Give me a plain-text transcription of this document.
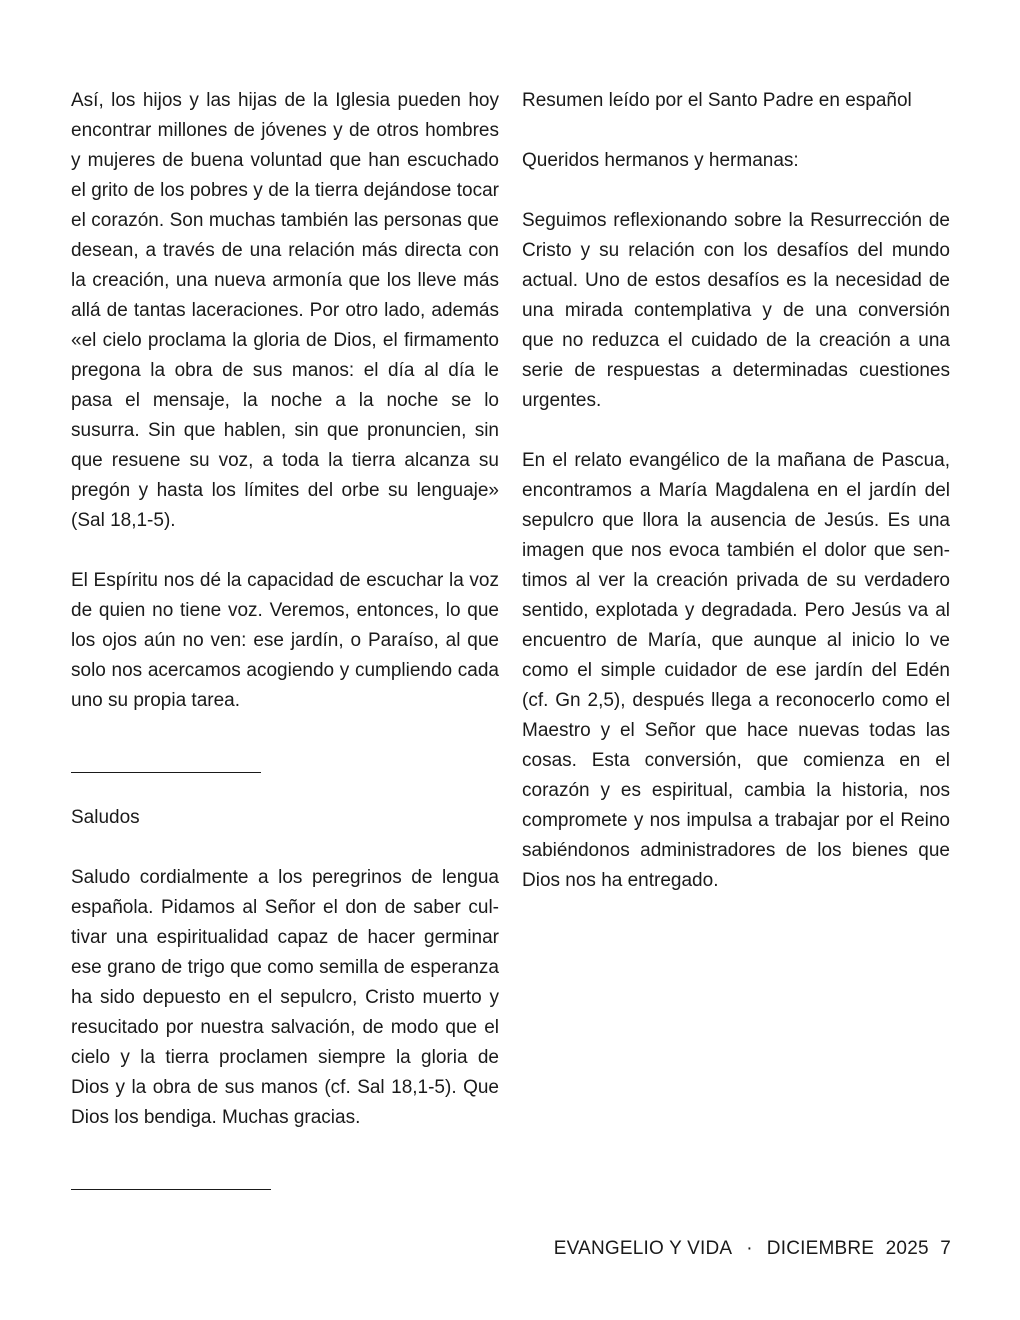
Así, los hijos y las hijas de la Iglesia pueden hoy encontrar millones de jóvenes y de otros hombres y mujeres de buena voluntad que han escuchado el grito de los pobres y de la tierra dejándose tocar el corazón. Son muchas también las personas que desean, a través de una relación más directa con la creación, una nueva armonía que los lleve más allá de tantas laceraciones. Por otro lado, además «el cielo proclama la gloria de Dios, el firmamento pregona la obra de sus manos: el día al día le pasa el mensaje, la noche a la noche se lo susurra. Sin que hablen, sin que pronuncien, sin que resuene su voz, a toda la tierra alcanza su pregón y hasta los límites del orbe su lenguaje» (Sal 18,1-5).

El Espíritu nos dé la capacidad de escuchar la voz de quien no tiene voz. Veremos, entonces, lo que los ojos aún no ven: ese jardín, o Paraíso, al que solo nos acercamos acogiendo y cumpliendo cada uno su propia tarea.

Saludos

Saludo cordialmente a los peregrinos de lengua española. Pidamos al Señor el don de saber cultivar una espiritualidad capaz de hacer germinar ese grano de trigo que como semilla de esperanza ha sido depuesto en el sepulcro, Cristo muerto y resucitado por nuestra salvación, de modo que el cielo y la tierra proclamen siempre la gloria de Dios y la obra de sus manos (cf. Sal 18,1-5). Que Dios los bendiga. Muchas gracias.

Resumen leído por el Santo Padre en español

Queridos hermanos y hermanas:

Seguimos reflexionando sobre la Resurrección de Cristo y su relación con los desafíos del mundo actual. Uno de estos desafíos es la necesidad de una mirada contemplativa y de una conversión que no reduzca el cuidado de la creación a una serie de respuestas a determinadas cuestiones urgentes.

En el relato evangélico de la mañana de Pascua, encontramos a María Magdalena en el jardín del sepulcro que llora la ausencia de Jesús. Es una imagen que nos evoca también el dolor que sentimos al ver la creación privada de su verdadero sentido, explotada y degradada. Pero Jesús va al encuentro de María, que aunque al inicio lo ve como el simple cuidador de ese jardín del Edén (cf. Gn 2,5), después llega a reconocerlo como el Maestro y el Señor que hace nuevas todas las cosas. Esta conversión, que comienza en el corazón y es espiritual, cambia la historia, nos compromete y nos impulsa a trabajar por el Reino sabiéndonos administradores de los bienes que Dios nos ha entregado.

EVANGELIO Y VIDA · DICIEMBRE 2025 7
